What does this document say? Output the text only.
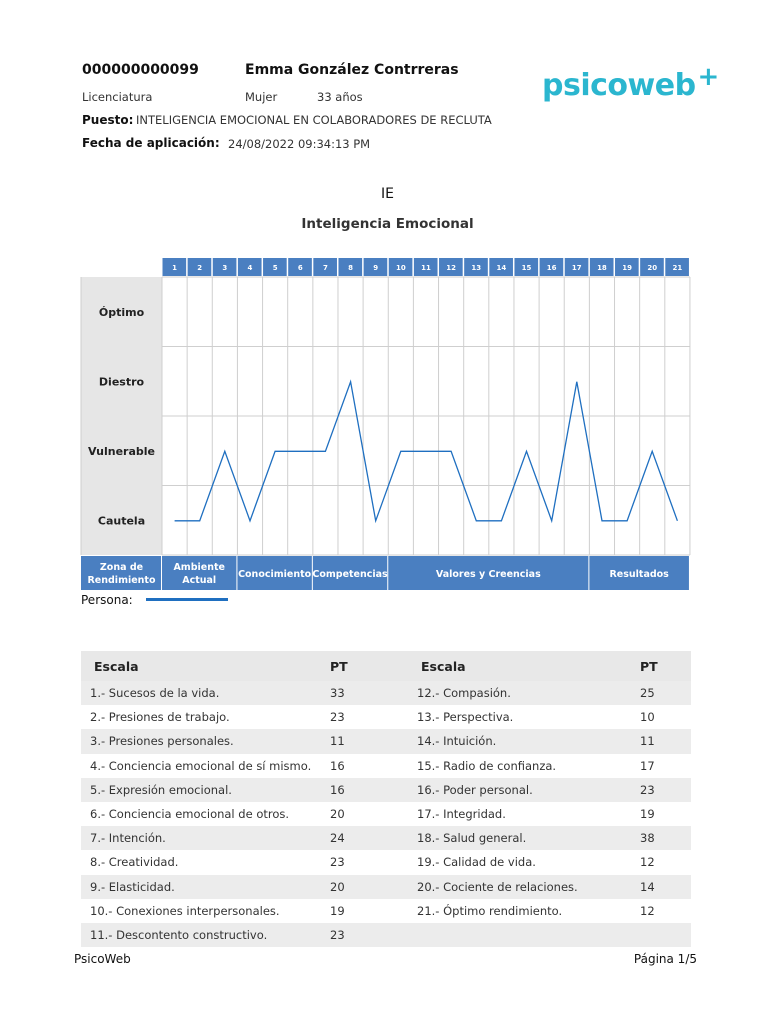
000000000099	Emma González Contrreras
Licenciatura	Mujer	33 años
Puesto: INTELIGENCIA EMOCIONAL EN COLABORADORES DE RECLUTA
Fecha de aplicación: 24/08/2022 09:34:13 PM
psicoweb+
IE
Inteligencia Emocional
1	2	3	4	5	6	7	8	9	10 11 12 13 14 15 16 17 18 19 20 21
Óptimo
Diestro
Vulnerable
Cautela
Zona de
Rendimiento
Ambiente
Actual
Conocimiento Competencias	Valores y Creencias	Resultados
Persona:
Escala	PT	Escala	PT
1.- Sucesos de la vida.	33	12.- Compasión.	25
2.- Presiones de trabajo.	23	13.- Perspectiva.	10
3.- Presiones personales.	11	14.- Intuición.	11
4.- Conciencia emocional de sí mismo.	16	15.- Radio de confianza.	17
5.- Expresión emocional.	16	16.- Poder personal.	23
6.- Conciencia emocional de otros.	20	17.- Integridad.	19
7.- Intención.	24	18.- Salud general.	38
8.- Creatividad.	23	19.- Calidad de vida.	12
9.- Elasticidad.	20	20.- Cociente de relaciones.	14
10.- Conexiones interpersonales.	19	21.- Óptimo rendimiento.	12
11.- Descontento constructivo.	23		
PsicoWeb	Página 1/5
